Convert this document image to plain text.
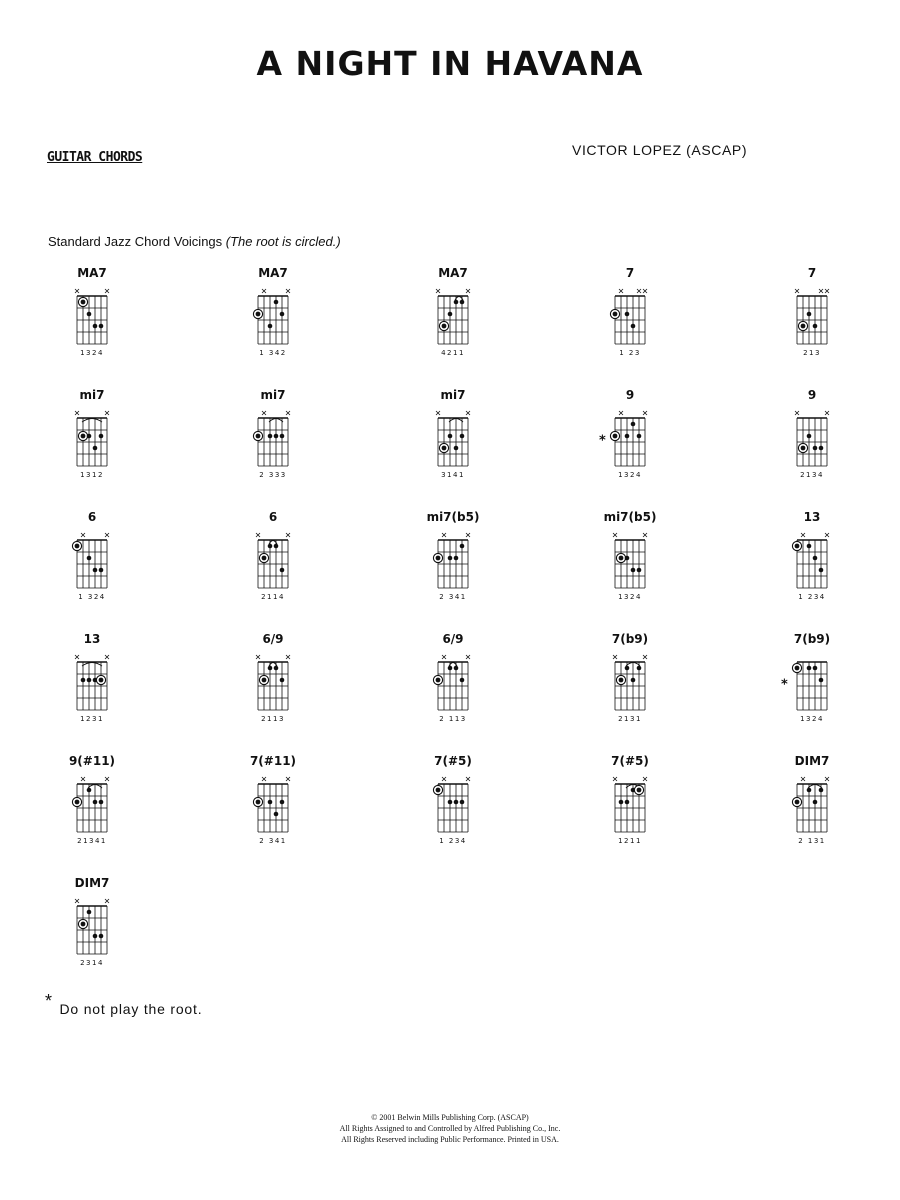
A NIGHT IN HAVANA
GUITAR CHORDS	VICTOR LOPEZ (ASCAP)
Standard Jazz Chord Voicings (The root is circled.)
MA7
1324
MA7
1 342
MA7
4211
7
1 23
7
213
mi7
1312
mi7
2 333
mi7
3141
9
*
1324
9
2134
6
1 324
6
2114
mi7(b5)
2 341
mi7(b5)
1324
13
1 234
13
1231
6/9
2113
6/9
2 113
7(b9)
2131
7(b9)
*
1324
9(#11)
21341
7(#11)
2 341
7(#5)
1 234
7(#5)
1211
DIM7
2 131
DIM7
2314
* Do not play the root.
© 2001 Belwin Mills Publishing Corp. (ASCAP)
All Rights Assigned to and Controlled by Alfred Publishing Co., Inc.
All Rights Reserved including Public Performance. Printed in USA.
